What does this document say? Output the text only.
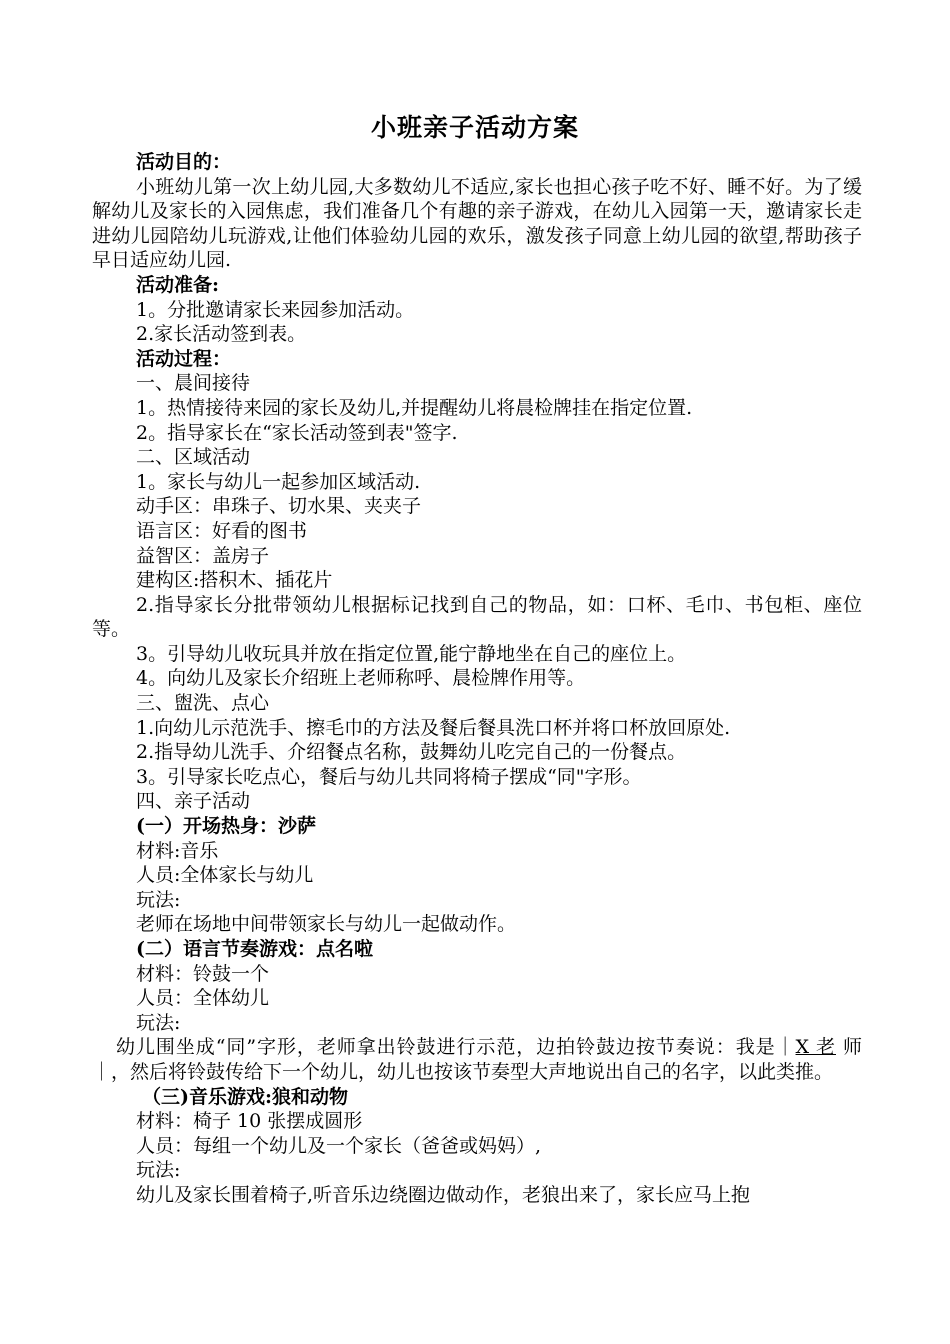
小班亲子活动方案
活动目的：
小班幼儿第一次上幼儿园,大多数幼儿不适应,家长也担心孩子吃不好、睡不好。为了缓解幼儿及家长的入园焦虑，我们准备几个有趣的亲子游戏，在幼儿入园第一天，邀请家长走进幼儿园陪幼儿玩游戏,让他们体验幼儿园的欢乐，激发孩子同意上幼儿园的欲望,帮助孩子早日适应幼儿园.
活动准备:
1。分批邀请家长来园参加活动。
2.家长活动签到表。
活动过程：
一、晨间接待
1。热情接待来园的家长及幼儿,并提醒幼儿将晨检牌挂在指定位置.
2。指导家长在“家长活动签到表"签字.
二、区域活动
1。家长与幼儿一起参加区域活动.
动手区：串珠子、切水果、夹夹子
语言区：好看的图书
益智区：盖房子
建构区:搭积木、插花片
2.指导家长分批带领幼儿根据标记找到自己的物品，如：口杯、毛巾、书包柜、座位等。
3。引导幼儿收玩具并放在指定位置,能宁静地坐在自己的座位上。
4。向幼儿及家长介绍班上老师称呼、晨检牌作用等。
三、盥洗、点心
1.向幼儿示范洗手、擦毛巾的方法及餐后餐具洗口杯并将口杯放回原处.
2.指导幼儿洗手、介绍餐点名称，鼓舞幼儿吃完自己的一份餐点。
3。引导家长吃点心，餐后与幼儿共同将椅子摆成“同"字形。
四、亲子活动
(一）开场热身：沙萨
材料:音乐
人员:全体家长与幼儿
玩法:
老师在场地中间带领家长与幼儿一起做动作。
(二）语言节奏游戏：点名啦
材料：铃鼓一个
人员：全体幼儿
玩法:
幼儿围坐成“同”字形，老师拿出铃鼓进行示范，边拍铃鼓边按节奏说：我是｜X 老 师｜，然后将铃鼓传给下一个幼儿，幼儿也按该节奏型大声地说出自己的名字，以此类推。
（三)音乐游戏:狼和动物
材料：椅子 10 张摆成圆形
人员：每组一个幼儿及一个家长（爸爸或妈妈）,
玩法:
幼儿及家长围着椅子,听音乐边绕圈边做动作，老狼出来了，家长应马上抱
